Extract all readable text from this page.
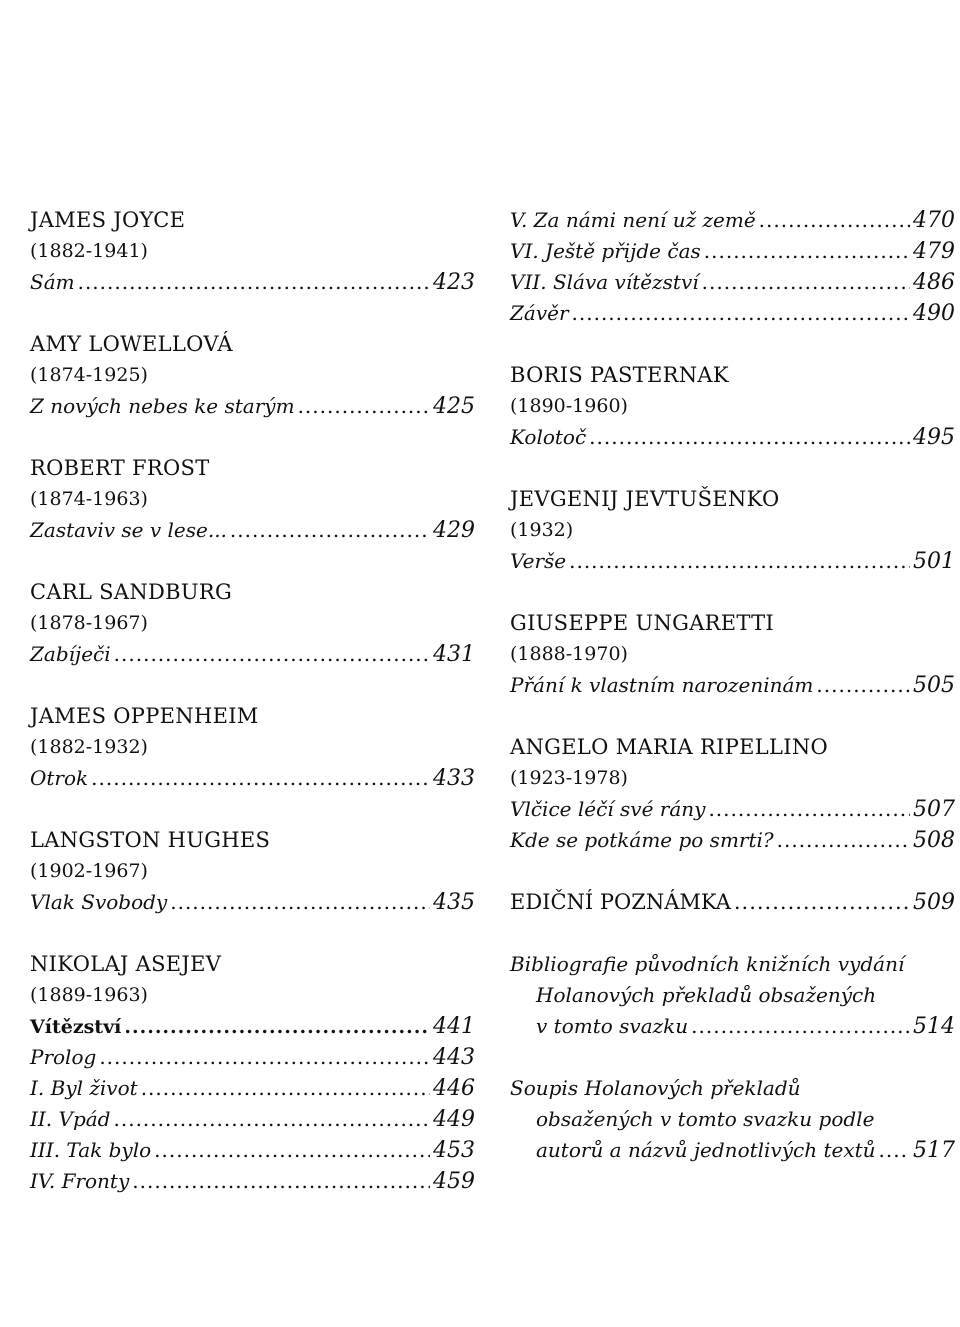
JAMES JOYCE
(1882-1941)
Sám .....	423
AMY LOWELLOVÁ
(1874-1925)
Z nových nebes ke starým .....	425
ROBERT FROST
(1874-1963)
Zastaviv se v lese... .....	429
CARL SANDBURG
(1878-1967)
Zabíječi .....	431
JAMES OPPENHEIM
(1882-1932)
Otrok .....	433
LANGSTON HUGHES
(1902-1967)
Vlak Svobody .....	435
NIKOLAJ ASEJEV
(1889-1963)
Vítězství .....	441
Prolog .....	443
I. Byl život .....	446
II. Vpád .....	449
III. Tak bylo .....	453
IV. Fronty .....	459
V. Za námi není už země .....	470
VI. Ještě přijde čas .....	479
VII. Sláva vítězství .....	486
Závěr .....	490
BORIS PASTERNAK
(1890-1960)
Kolotoč .....	495
JEVGENIJ JEVTUŠENKO
(1932)
Verše .....	501
GIUSEPPE UNGARETTI
(1888-1970)
Přání k vlastním narozeninám .....	505
ANGELO MARIA RIPELLINO
(1923-1978)
Vlčice léčí své rány .....	507
Kde se potkáme po smrti? .....	508
EDIČNÍ POZNÁMKA .....	509
Bibliografie původních knižních vydání
Holanových překladů obsažených
v tomto svazku .....	514
Soupis Holanových překladů
obsažených v tomto svazku podle
autorů a názvů jednotlivých textů ..... 517
